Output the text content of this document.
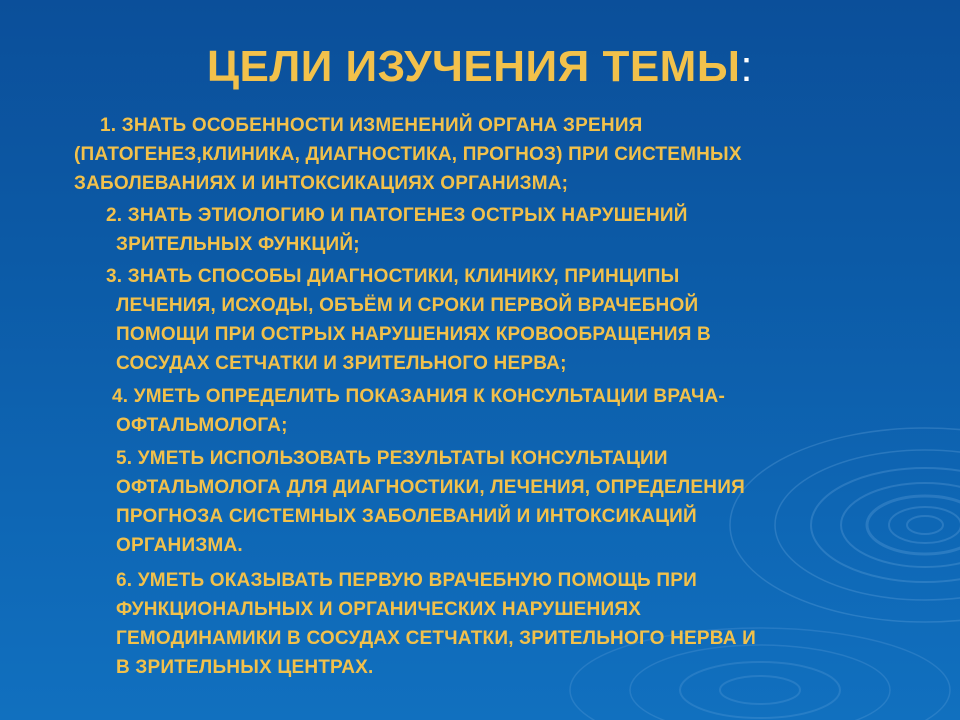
ЦЕЛИ ИЗУЧЕНИЯ ТЕМЫ:
1. ЗНАТЬ ОСОБЕННОСТИ ИЗМЕНЕНИЙ ОРГАНА ЗРЕНИЯ
(ПАТОГЕНЕЗ,КЛИНИКА, ДИАГНОСТИКА, ПРОГНОЗ) ПРИ СИСТЕМНЫХ
ЗАБОЛЕВАНИЯХ И ИНТОКСИКАЦИЯХ ОРГАНИЗМА;
2. ЗНАТЬ ЭТИОЛОГИЮ И ПАТОГЕНЕЗ ОСТРЫХ НАРУШЕНИЙ
ЗРИТЕЛЬНЫХ ФУНКЦИЙ;
3. ЗНАТЬ СПОСОБЫ ДИАГНОСТИКИ, КЛИНИКУ, ПРИНЦИПЫ
ЛЕЧЕНИЯ, ИСХОДЫ, ОБЪЁМ И СРОКИ ПЕРВОЙ ВРАЧЕБНОЙ
ПОМОЩИ ПРИ ОСТРЫХ НАРУШЕНИЯХ КРОВООБРАЩЕНИЯ В
СОСУДАХ СЕТЧАТКИ И ЗРИТЕЛЬНОГО НЕРВА;
4. УМЕТЬ ОПРЕДЕЛИТЬ ПОКАЗАНИЯ К КОНСУЛЬТАЦИИ ВРАЧА-
ОФТАЛЬМОЛОГА;
5. УМЕТЬ ИСПОЛЬЗОВАТЬ РЕЗУЛЬТАТЫ КОНСУЛЬТАЦИИ
ОФТАЛЬМОЛОГА ДЛЯ ДИАГНОСТИКИ, ЛЕЧЕНИЯ, ОПРЕДЕЛЕНИЯ
ПРОГНОЗА СИСТЕМНЫХ ЗАБОЛЕВАНИЙ И ИНТОКСИКАЦИЙ
ОРГАНИЗМА.
6. УМЕТЬ ОКАЗЫВАТЬ ПЕРВУЮ ВРАЧЕБНУЮ ПОМОЩЬ ПРИ
ФУНКЦИОНАЛЬНЫХ И ОРГАНИЧЕСКИХ НАРУШЕНИЯХ
ГЕМОДИНАМИКИ В СОСУДАХ СЕТЧАТКИ, ЗРИТЕЛЬНОГО НЕРВА И
В ЗРИТЕЛЬНЫХ ЦЕНТРАХ.
